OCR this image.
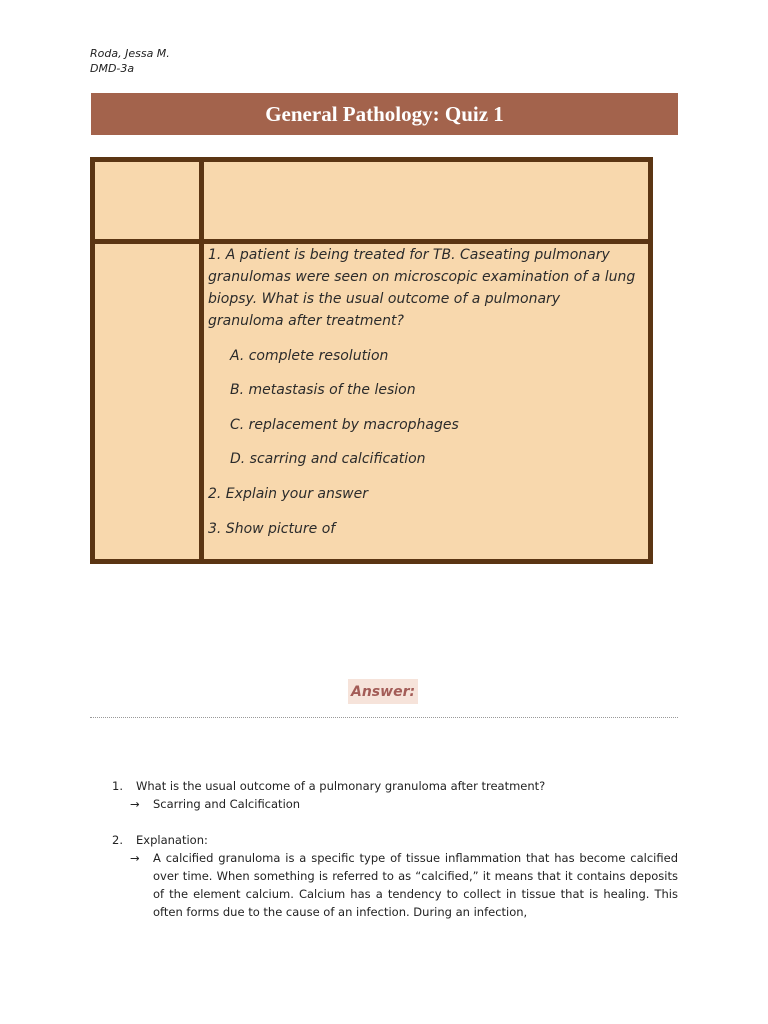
Roda, Jessa M.
DMD-3a
General Pathology: Quiz 1

1. A patient is being treated for TB. Caseating pulmonary granulomas were seen on microscopic examination of a lung biopsy. What is the usual outcome of a pulmonary granuloma after treatment?

A. complete resolution
B. metastasis of the lesion
C. replacement by macrophages
D. scarring and calcification

2. Explain your answer

3. Show picture of

Answer:
1. What is the usual outcome of a pulmonary granuloma after treatment?
→ Scarring and Calcification
2. Explanation:
→ A calcified granuloma is a specific type of tissue inflammation that has become calcified over time. When something is referred to as “calcified,” it means that it contains deposits of the element calcium. Calcium has a tendency to collect in tissue that is healing. This often forms due to the cause of an infection. During an infection,
